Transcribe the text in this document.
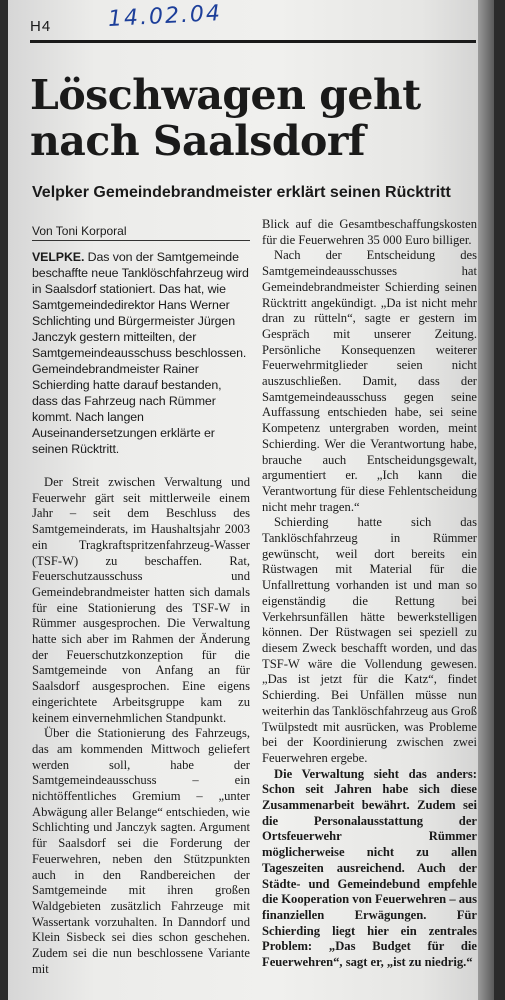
H4	14.02.04
Löschwagen geht nach Saalsdorf
Velpker Gemeindebrandmeister erklärt seinen Rücktritt
Von Toni Korporal

VELPKE. Das von der Samtgemeinde beschaffte neue Tanklöschfahrzeug wird in Saalsdorf stationiert. Das hat, wie Samtgemeindedirektor Hans Werner Schlichting und Bürgermeister Jürgen Janczyk gestern mitteilten, der Samtgemeindeausschuss beschlossen. Gemeindebrandmeister Rainer Schierding hatte darauf bestanden, dass das Fahrzeug nach Rümmer kommt. Nach langen Auseinandersetzungen erklärte er seinen Rücktritt.

Der Streit zwischen Verwaltung und Feuerwehr gärt seit mittlerweile einem Jahr – seit dem Beschluss des Samtgemeinderats, im Haushaltsjahr 2003 ein Tragkraftspritzenfahrzeug-Wasser (TSF-W) zu beschaffen. Rat, Feuerschutzausschuss und Gemeindebrandmeister hatten sich damals für eine Stationierung des TSF-W in Rümmer ausgesprochen. Die Verwaltung hatte sich aber im Rahmen der Änderung der Feuerschutzkonzeption für die Samtgemeinde von Anfang an für Saalsdorf ausgesprochen. Eine eigens eingerichtete Arbeitsgruppe kam zu keinem einvernehmlichen Standpunkt.

Über die Stationierung des Fahrzeugs, das am kommenden Mittwoch geliefert werden soll, habe der Samtgemeindeausschuss – ein nichtöffentliches Gremium – „unter Abwägung aller Belange“ entschieden, wie Schlichting und Janczyk sagten. Argument für Saalsdorf sei die Forderung der Feuerwehren, neben den Stützpunkten auch in den Randbereichen der Samtgemeinde mit ihren großen Waldgebieten zusätzlich Fahrzeuge mit Wassertank vorzuhalten. In Danndorf und Klein Sisbeck sei dies schon geschehen. Zudem sei die nun beschlossene Variante mit

Blick auf die Gesamtbeschaffungskosten für die Feuerwehren 35 000 Euro billiger.

Nach der Entscheidung des Samtgemeindeausschusses hat Gemeindebrandmeister Schierding seinen Rücktritt angekündigt. „Da ist nicht mehr dran zu rütteln“, sagte er gestern im Gespräch mit unserer Zeitung. Persönliche Konsequenzen weiterer Feuerwehrmitglieder seien nicht auszuschließen. Damit, dass der Samtgemeindeausschuss gegen seine Auffassung entschieden habe, sei seine Kompetenz untergraben worden, meint Schierding. Wer die Verantwortung habe, brauche auch Entscheidungsgewalt, argumentiert er. „Ich kann die Verantwortung für diese Fehlentscheidung nicht mehr tragen.“

Schierding hatte sich das Tanklöschfahrzeug in Rümmer gewünscht, weil dort bereits ein Rüstwagen mit Material für die Unfallrettung vorhanden ist und man so eigenständig die Rettung bei Verkehrsunfällen hätte bewerkstelligen können. Der Rüstwagen sei speziell zu diesem Zweck beschafft worden, und das TSF-W wäre die Vollendung gewesen. „Das ist jetzt für die Katz“, findet Schierding. Bei Unfällen müsse nun weiterhin das Tanklöschfahrzeug aus Groß Twülpstedt mit ausrücken, was Probleme bei der Koordinierung zwischen zwei Feuerwehren ergebe.

Die Verwaltung sieht das anders: Schon seit Jahren habe sich diese Zusammenarbeit bewährt. Zudem sei die Personalausstattung der Ortsfeuerwehr Rümmer möglicherweise nicht zu allen Tageszeiten ausreichend. Auch der Städte- und Gemeindebund empfehle die Kooperation von Feuerwehren – aus finanziellen Erwägungen. Für Schierding liegt hier ein zentrales Problem: „Das Budget für die Feuerwehren“, sagt er, „ist zu niedrig.“
